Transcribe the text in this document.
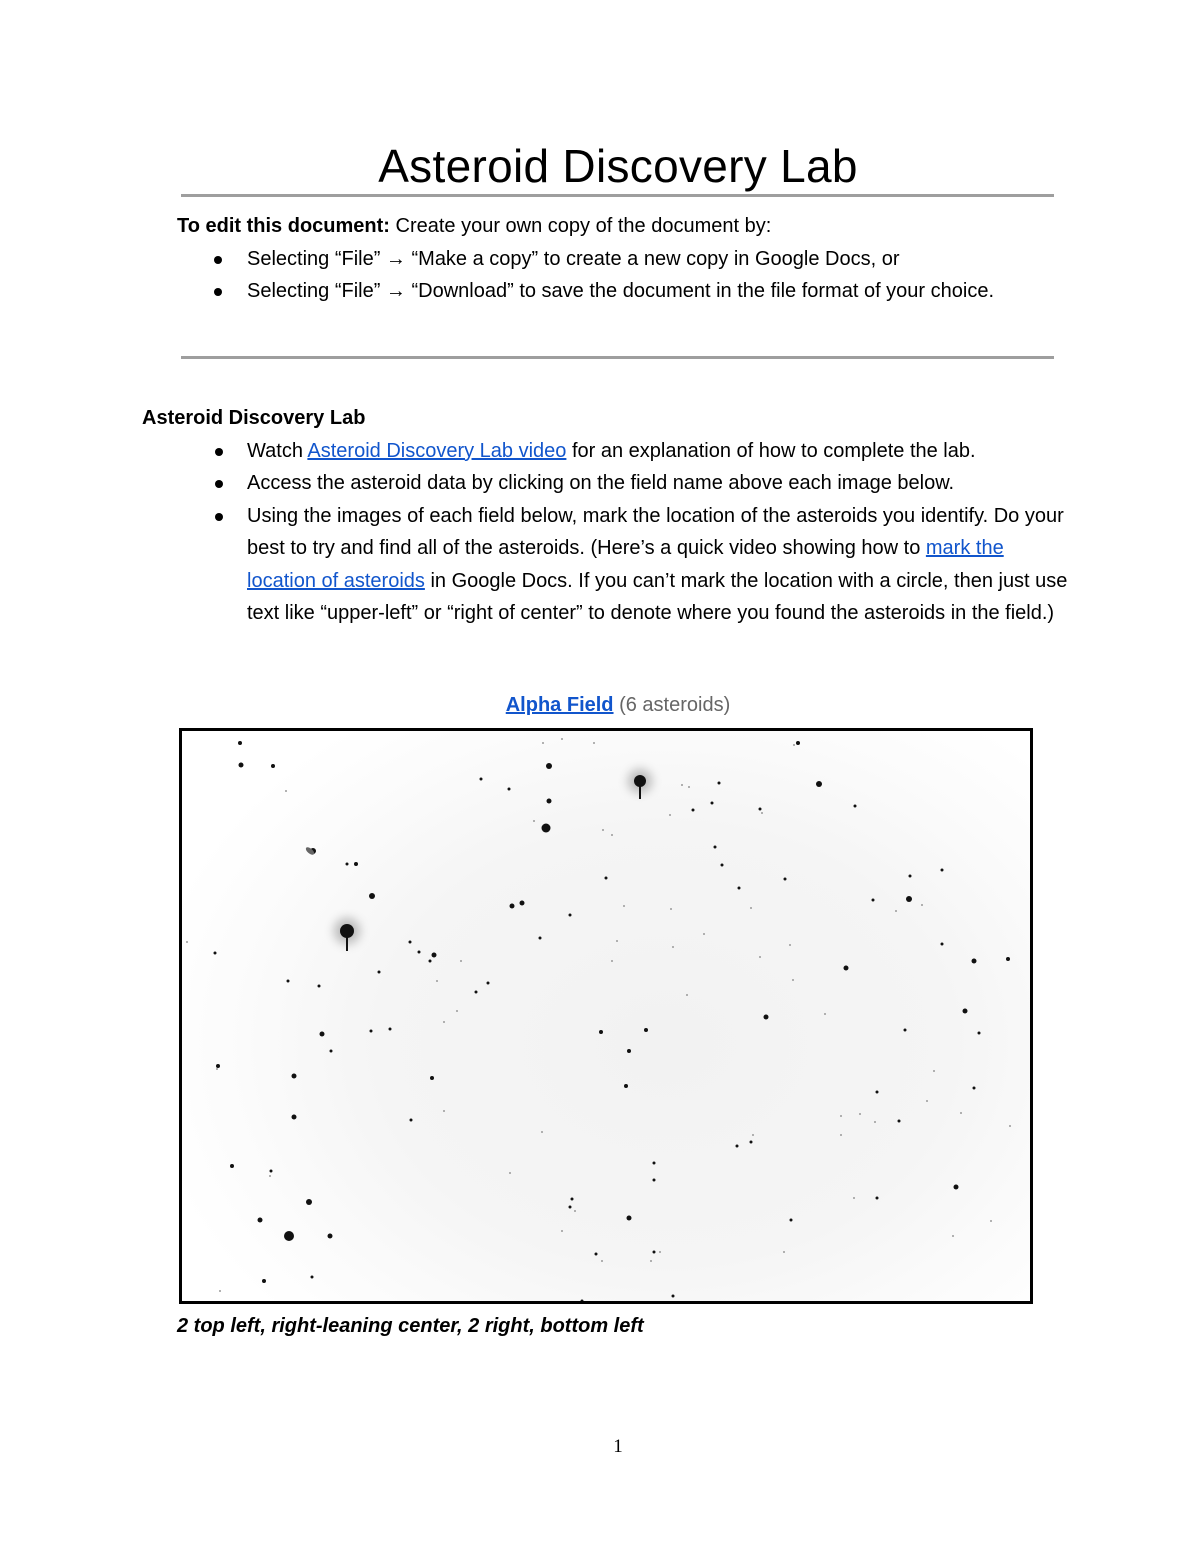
Asteroid Discovery Lab
To edit this document: Create your own copy of the document by:
Selecting “File” → “Make a copy” to create a new copy in Google Docs, or
Selecting “File” → “Download” to save the document in the file format of your choice.
Asteroid Discovery Lab
Watch Asteroid Discovery Lab video for an explanation of how to complete the lab.
Access the asteroid data by clicking on the field name above each image below.
Using the images of each field below, mark the location of the asteroids you identify. Do your best to try and find all of the asteroids. (Here’s a quick video showing how to mark the location of asteroids in Google Docs. If you can’t mark the location with a circle, then just use text like “upper-left” or “right of center” to denote where you found the asteroids in the field.)
Alpha Field (6 asteroids)
2 top left, right-leaning center, 2 right, bottom left
1
